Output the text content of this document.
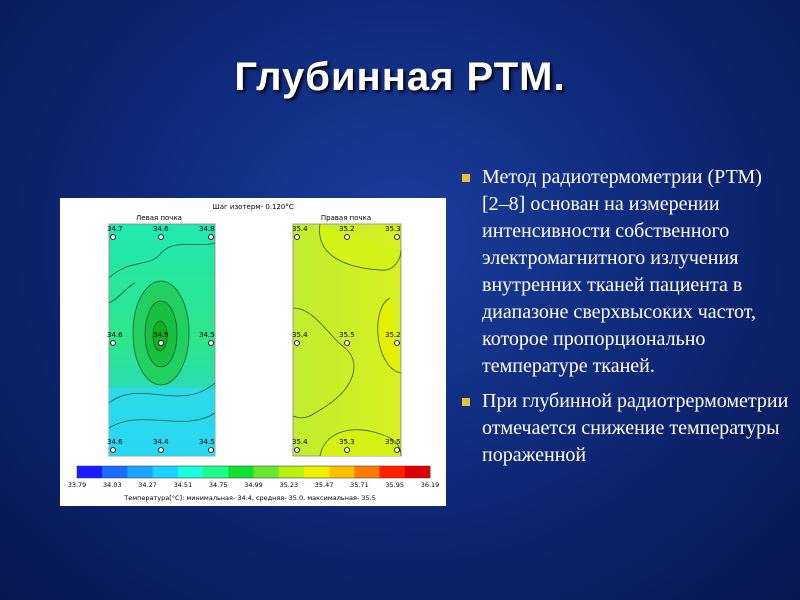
Глубинная РТМ.
Шаг изотерм- 0.120°C
Левая почка	Правая почка
34.7	34.6	34.8
34.6	34.9	34.5
34.6	34.4	34.5
35.4	35.2	35.3
35.4	35.5	35.2
35.4	35.3	35.5
33.79	34.03	34.27	34.51	34.75	34.99	35.23	35.47	35.71	35.95	36.19
Температура[°C]: минимальная- 34.4, средняя- 35.0, максимальная- 35.5
Метод радиотермометрии (РТМ) [2–8] основан на измерении интенсивности собственного электромагнитного излучения внутренних тканей пациента в диапазоне сверхвысоких частот, которое пропорционально температуре тканей.
При глубинной радиотрермометрии отмечается снижение температуры пораженной
